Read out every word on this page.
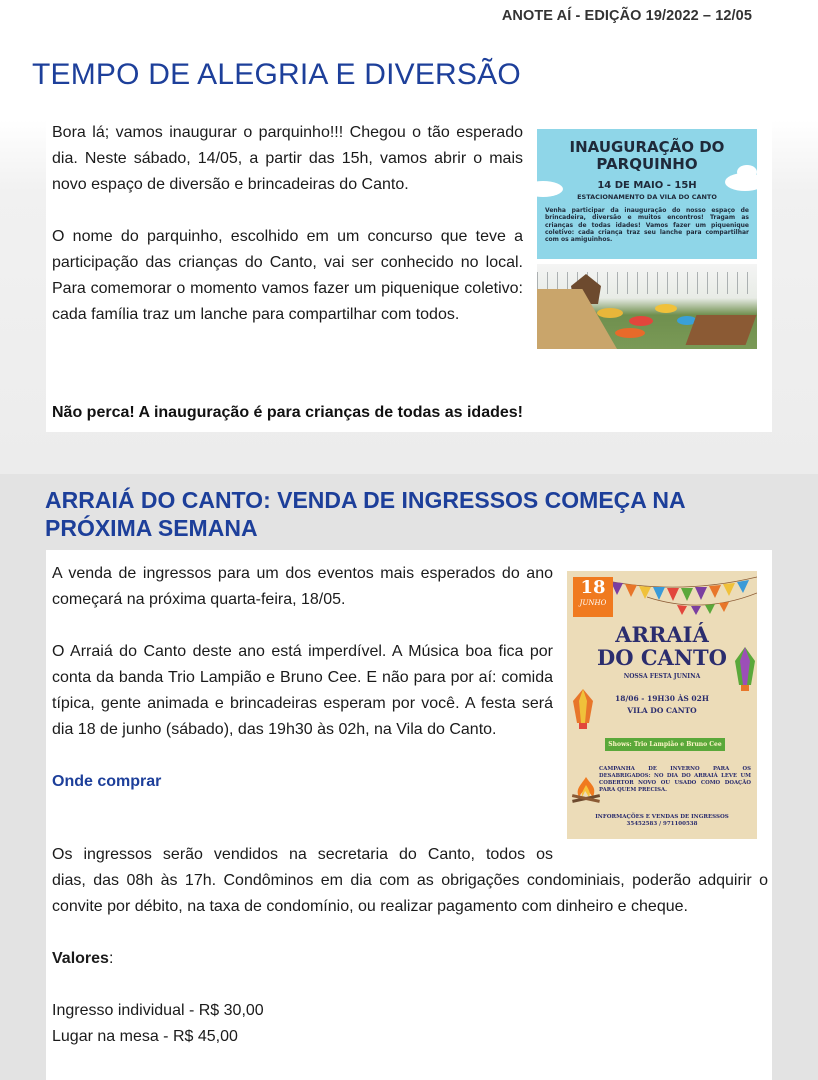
ANOTE AÍ - EDIÇÃO 19/2022 – 12/05
TEMPO DE ALEGRIA E DIVERSÃO

Bora lá; vamos inaugurar o parquinho!!! Chegou o tão esperado dia. Neste sábado, 14/05, a partir das 15h, vamos abrir o mais novo espaço de diversão e brincadeiras do Canto.

O nome do parquinho, escolhido em um concurso que teve a participação das crianças do Canto, vai ser conhecido no local. Para comemorar o momento vamos fazer um piquenique coletivo: cada família traz um lanche para compartilhar com todos.

Não perca! A inauguração é para crianças de todas as idades!
INAUGURAÇÃO DO
PARQUINHO
14 DE MAIO - 15H
ESTACIONAMENTO DA VILA DO CANTO
Venha participar da inauguração do nosso espaço de brincadeira, diversão e muitos encontros! Tragam as crianças de todas idades! Vamos fazer um piquenique coletivo: cada criança traz seu lanche para compartilhar com os amiguinhos.
ARRAIÁ DO CANTO: VENDA DE INGRESSOS COMEÇA NA PRÓXIMA SEMANA

A venda de ingressos para um dos eventos mais esperados do ano começará na próxima quarta-feira, 18/05.

O Arraiá do Canto deste ano está imperdível. A Música boa fica por conta da banda Trio Lampião e Bruno Cee. E não para por aí: comida típica, gente animada e brincadeiras esperam por você. A festa será dia 18 de junho (sábado), das 19h30 às 02h, na Vila do Canto.

Onde comprar

Os ingressos serão vendidos na secretaria do Canto, todos os
dias, das 08h às 17h. Condôminos em dia com as obrigações condominiais, poderão adquirir o convite por débito, na taxa de condomínio, ou realizar pagamento com dinheiro e cheque.

Valores:

Ingresso individual - R$ 30,00

Lugar na mesa - R$ 45,00

18
JUNHO
ARRAIÁ
DO CANTO
NOSSA FESTA JUNINA
18/06 - 19H30 ÀS 02H
VILA DO CANTO
Shows: Trio Lampião e Bruno Cee
CAMPANHA DE INVERNO PARA OS DESABRIGADOS: NO DIA DO ARRAIÁ LEVE UM COBERTOR NOVO OU USADO COMO DOAÇÃO PARA QUEM PRECISA.
INFORMAÇÕES E VENDAS DE INGRESSOS
35452583 / 971100538
